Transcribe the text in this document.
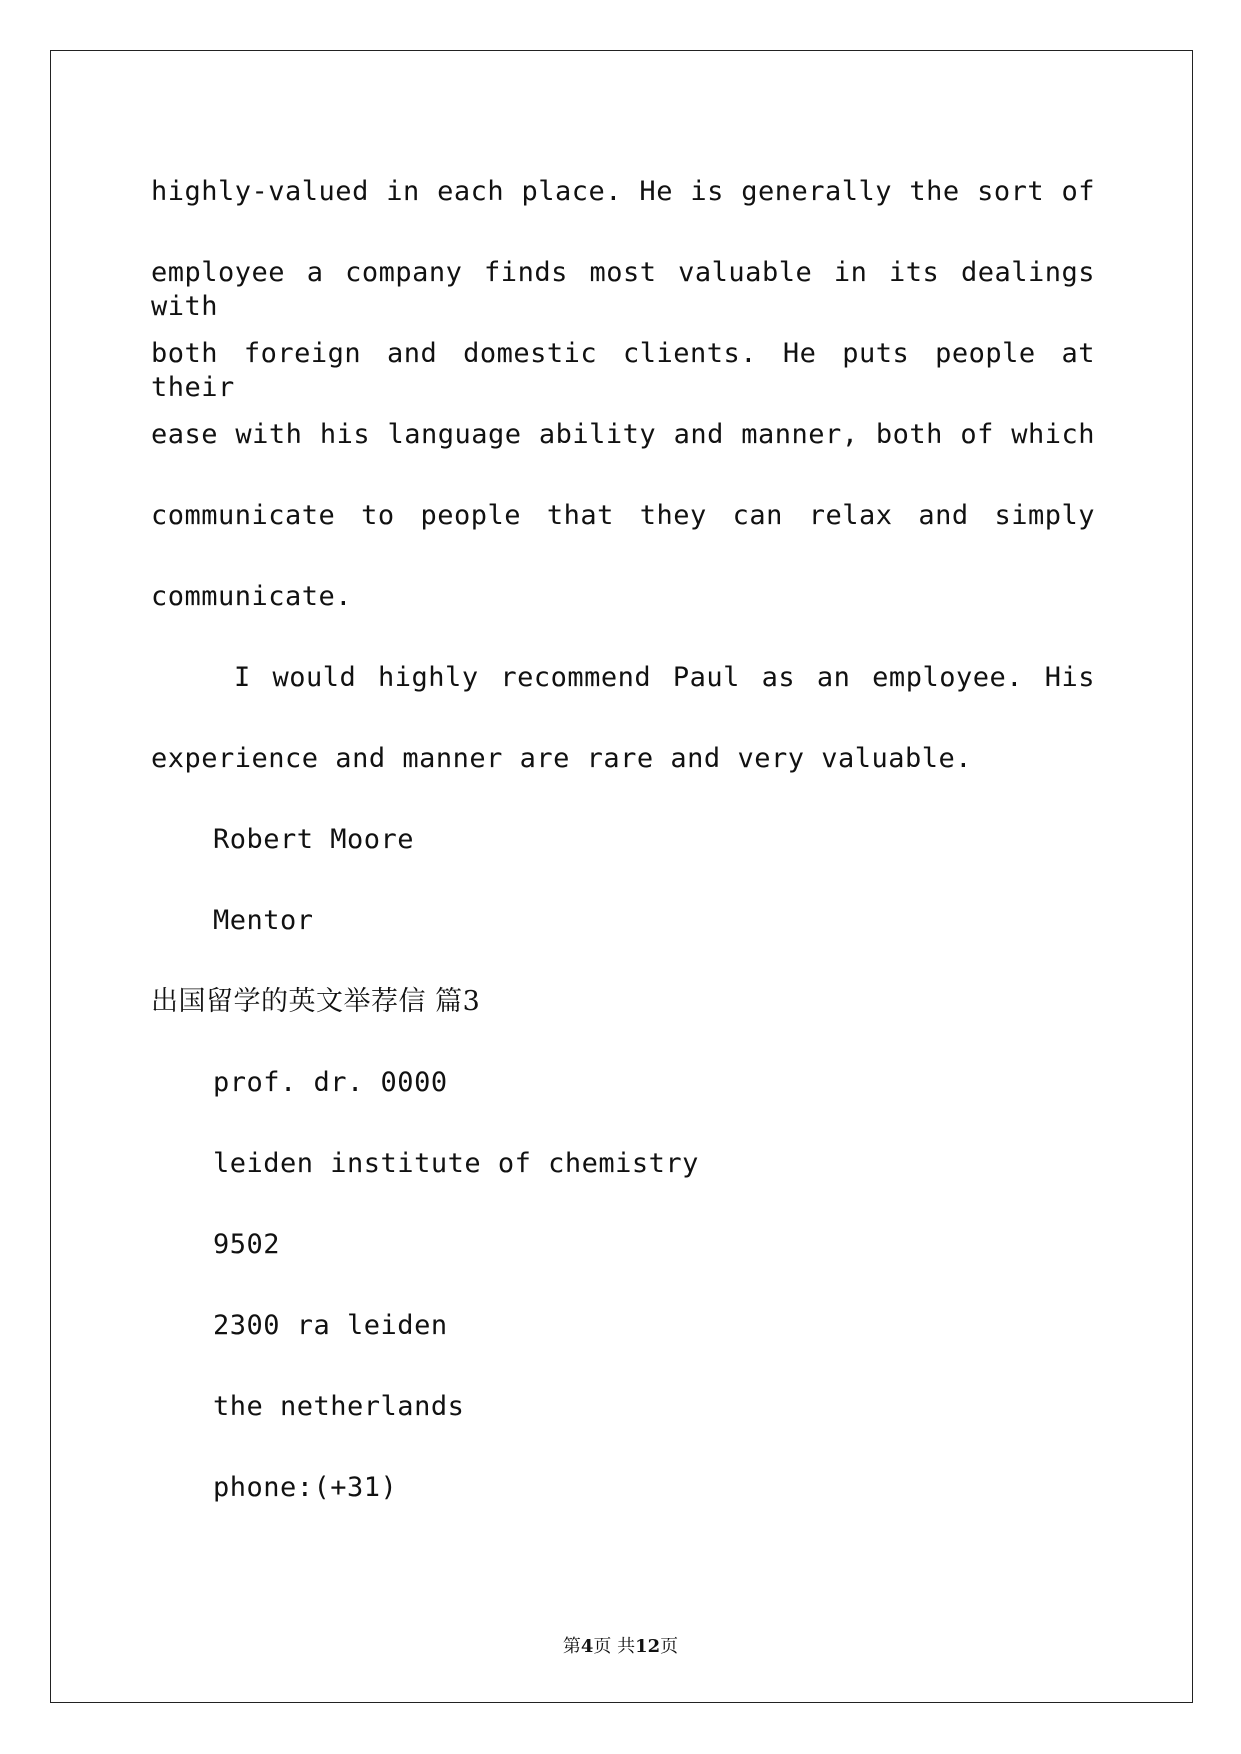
highly-valued in each place. He is generally the sort of
employee a company finds most valuable in its dealings with
both foreign and domestic clients. He puts people at their
ease with his language ability and manner, both of which
communicate to people that they can relax and simply
communicate.
I would highly recommend Paul as an employee. His
experience and manner are rare and very valuable.
Robert Moore
Mentor
出国留学的英文举荐信 篇3
prof. dr. 0000
leiden institute of chemistry
9502
2300 ra leiden
the netherlands
phone:(+31)
第4页 共12页
